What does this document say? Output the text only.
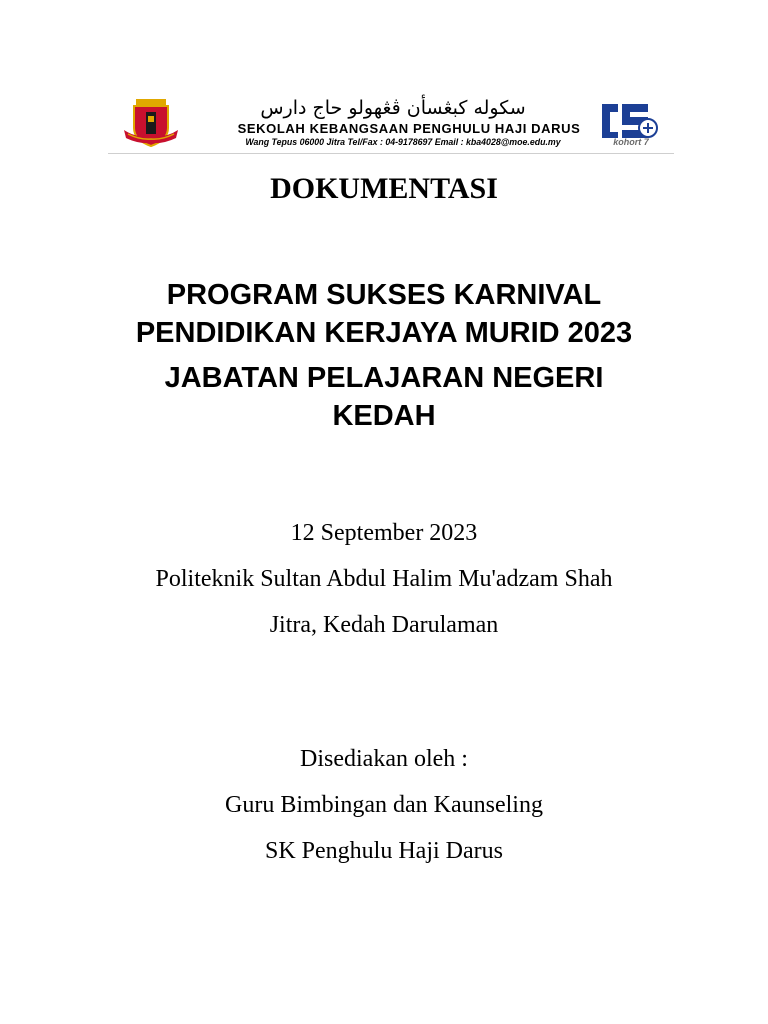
سکوله کبڠسأن ڤڠهولو حاج دارس
SEKOLAH KEBANGSAAN PENGHULU HAJI DARUS
Wang Tepus 06000 Jitra Tel/Fax : 04-9178697 Email : kba4028@moe.edu.my	kohort 7
DOKUMENTASI
PROGRAM SUKSES KARNIVAL
PENDIDIKAN KERJAYA MURID 2023
JABATAN PELAJARAN NEGERI
KEDAH
12 September 2023
Politeknik Sultan Abdul Halim Mu'adzam Shah
Jitra, Kedah Darulaman
Disediakan oleh :
Guru Bimbingan dan Kaunseling
SK Penghulu Haji Darus
